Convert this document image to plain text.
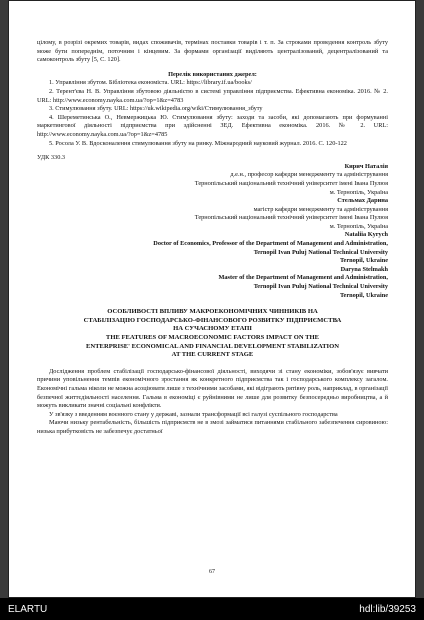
цілому, в розрізі окремих товарів, видах споживачів, термінах поставки товарів і т. п. За строками проведення контроль збуту може бути попереднім, поточним і кінцевим. За формами організації виділяють централізований, децентралізований та самоконтроль збуту [5, С. 120].

Перелік використаних джерел:

1. Управління збутом. Бібліотека економіста. URL: https://library.if.ua/books/

2. Терент'єва Н. В. Управління збутовою діяльністю в системі управління підприємства. Ефективна економіка. 2016. № 2. URL: http://www.economy.nayka.com.ua/?op=1&z=4783

3. Стимулювання збуту. URL: https://uk.wikipedia.org/wiki/Стимулювання_збуту

4. Шереметинська О., Невмержицька Ю. Стимулювання збуту: заходи та засоби, які допомагають при формуванні маркетингової діяльності підприємства при здійсненні ЗЕД. Ефективна економіка. 2016. № 2. URL: http://www.economy.nayka.com.ua/?op=1&z=4785

5. Росола У. В. Вдосконалення стимулювання збуту на ринку. Міжнародний науковий журнал. 2016. С. 120-122

УДК 330.3

Кирич Наталія

д.е.н., професор кафедри менеджменту та адміністрування

Тернопільський національний технічний університет імені Івана Пулюя

м. Тернопіль, Україна

Стельмах Дарина

магістр кафедри менеджменту та адміністрування

Тернопільський національний технічний університет імені Івана Пулюя

м. Тернопіль, Україна

Nataliia Kyrych

Doctor of Economics, Professor of the Department of Management and Administration,

Ternopil Ivan Puluj National Technical University

Ternopil, Ukraine

Daryna Stelmakh

Master of the Department of Management and Administration,

Ternopil Ivan Puluj National Technical University

Ternopil, Ukraine

ОСОБЛИВОСТІ ВПЛИВУ МАКРОЕКОНОМІЧНИХ ЧИННИКІВ НА

СТАБІЛІЗАЦІЮ ГОСПОДАРСЬКО-ФІНАНСОВОГО РОЗВИТКУ ПІДПРИЄМСТВА

НА СУЧАСНОМУ ЕТАПІ

THE FEATURES OF MACROECONOMIC FACTORS IMPACT ON THE

ENTERPRISE' ECONOMICAL AND FINANCIAL DEVELOPMENT STABILIZATION

AT THE CURRENT STAGE

Дослідження проблем стабілізації господарсько-фінансової діяльності, виходячи зі стану економіки, зобов'язує вивчати причини уповільнення темпів економічного зростання як конкретного підприємства так і господарського комплексу загалом. Економічні гальма ніколи не можна асоціювати лише з технічними засобами, які відіграють рятівну роль, наприклад, в організації безпечної життєдіяльності населення. Гальма в економіці є руйнівними не лише для розвитку безпосередньо виробництва, а й можуть викликати значні соціальні конфлікти.

У зв'язку з введенням воєнного стану у державі, зазнали трансформації всі галузі суспільного господарства

Маючи низьку рентабельність, більшість підприємств не в змозі займатися питаннями стабільного забезпечення сировиною: низька прибутковість не забезпечує достатньої

67
ELARTU	hdl:lib/39253
